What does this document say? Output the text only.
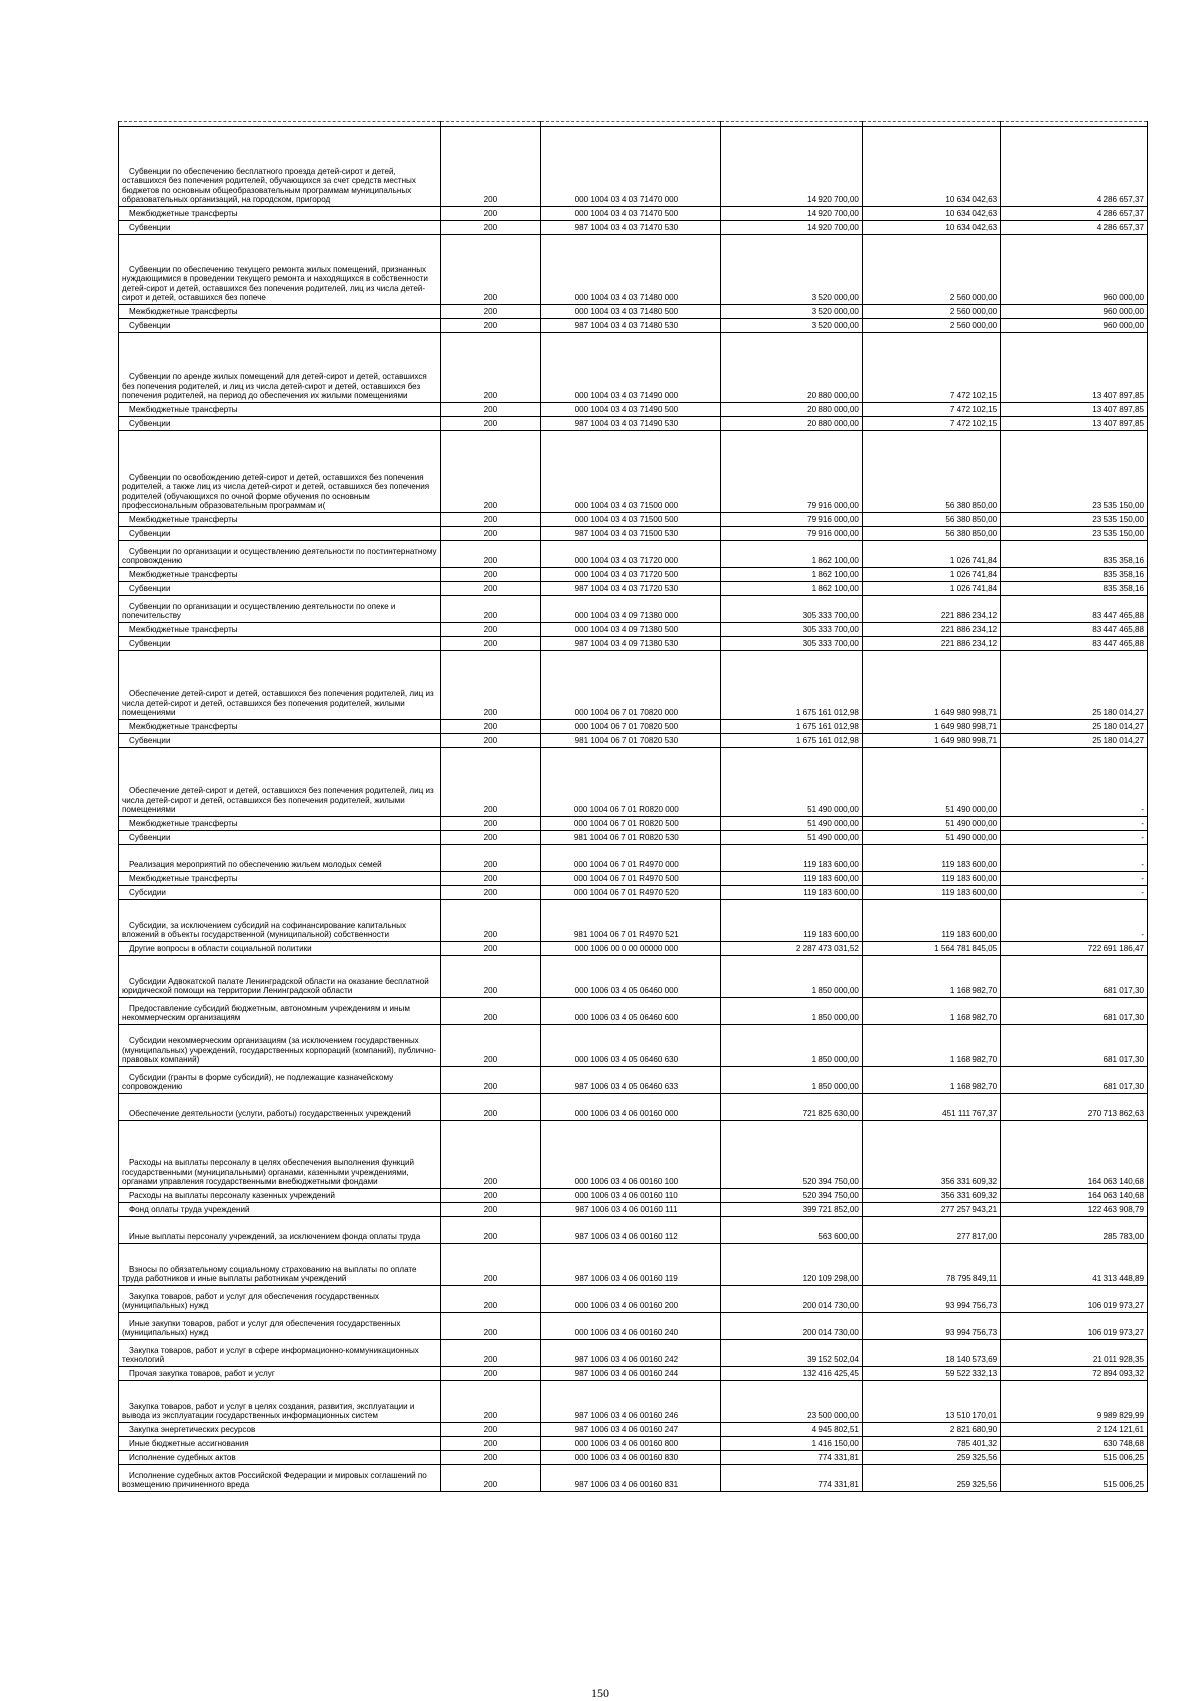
Субвенции по обеспечению бесплатного проезда детей-сирот и детей, оставшихся без попечения родителей, обучающихся за счет средств местных бюджетов по основным общеобразовательным программам муниципальных образовательных организаций, на городском, пригород	200	000 1004 03 4 03 71470 000	14 920 700,00	10 634 042,63	4 286 657,37
Межбюджетные трансферты	200	000 1004 03 4 03 71470 500	14 920 700,00	10 634 042,63	4 286 657,37
Субвенции	200	987 1004 03 4 03 71470 530	14 920 700,00	10 634 042,63	4 286 657,37
Субвенции по обеспечению текущего ремонта жилых помещений, признанных нуждающимися в проведении текущего ремонта и находящихся в собственности детей-сирот и детей, оставшихся без попечения родителей, лиц из числа детей-сирот и детей, оставшихся без попече	200	000 1004 03 4 03 71480 000	3 520 000,00	2 560 000,00	960 000,00
Межбюджетные трансферты	200	000 1004 03 4 03 71480 500	3 520 000,00	2 560 000,00	960 000,00
Субвенции	200	987 1004 03 4 03 71480 530	3 520 000,00	2 560 000,00	960 000,00
Субвенции по аренде жилых помещений для детей-сирот и детей, оставшихся без попечения родителей, и лиц из числа детей-сирот и детей, оставшихся без попечения родителей, на период до обеспечения их жилыми помещениями	200	000 1004 03 4 03 71490 000	20 880 000,00	7 472 102,15	13 407 897,85
Межбюджетные трансферты	200	000 1004 03 4 03 71490 500	20 880 000,00	7 472 102,15	13 407 897,85
Субвенции	200	987 1004 03 4 03 71490 530	20 880 000,00	7 472 102,15	13 407 897,85
Субвенции по освобождению детей-сирот и детей, оставшихся без попечения родителей, а также лиц из числа детей-сирот и детей, оставшихся без попечения родителей (обучающихся по очной форме обучения по основным профессиональным образовательным программам и(	200	000 1004 03 4 03 71500 000	79 916 000,00	56 380 850,00	23 535 150,00
Межбюджетные трансферты	200	000 1004 03 4 03 71500 500	79 916 000,00	56 380 850,00	23 535 150,00
Субвенции	200	987 1004 03 4 03 71500 530	79 916 000,00	56 380 850,00	23 535 150,00
Субвенции по организации и осуществлению деятельности по постинтернатному сопровождению	200	000 1004 03 4 03 71720 000	1 862 100,00	1 026 741,84	835 358,16
Межбюджетные трансферты	200	000 1004 03 4 03 71720 500	1 862 100,00	1 026 741,84	835 358,16
Субвенции	200	987 1004 03 4 03 71720 530	1 862 100,00	1 026 741,84	835 358,16
Субвенции по организации и осуществлению деятельности по опеке и попечительству	200	000 1004 03 4 09 71380 000	305 333 700,00	221 886 234,12	83 447 465,88
Межбюджетные трансферты	200	000 1004 03 4 09 71380 500	305 333 700,00	221 886 234,12	83 447 465,88
Субвенции	200	987 1004 03 4 09 71380 530	305 333 700,00	221 886 234,12	83 447 465,88
Обеспечение детей-сирот и детей, оставшихся без попечения родителей, лиц из числа детей-сирот и детей, оставшихся без попечения родителей, жилыми помещениями	200	000 1004 06 7 01 70820 000	1 675 161 012,98	1 649 980 998,71	25 180 014,27
Межбюджетные трансферты	200	000 1004 06 7 01 70820 500	1 675 161 012,98	1 649 980 998,71	25 180 014,27
Субвенции	200	981 1004 06 7 01 70820 530	1 675 161 012,98	1 649 980 998,71	25 180 014,27
Обеспечение детей-сирот и детей, оставшихся без попечения родителей, лиц из числа детей-сирот и детей, оставшихся без попечения родителей, жилыми помещениями	200	000 1004 06 7 01 R0820 000	51 490 000,00	51 490 000,00	-
Межбюджетные трансферты	200	000 1004 06 7 01 R0820 500	51 490 000,00	51 490 000,00	-
Субвенции	200	981 1004 06 7 01 R0820 530	51 490 000,00	51 490 000,00	-
Реализация мероприятий по обеспечению жильем молодых семей	200	000 1004 06 7 01 R4970 000	119 183 600,00	119 183 600,00	-
Межбюджетные трансферты	200	000 1004 06 7 01 R4970 500	119 183 600,00	119 183 600,00	-
Субсидии	200	000 1004 06 7 01 R4970 520	119 183 600,00	119 183 600,00	-
Субсидии, за исключением субсидий на софинансирование капитальных вложений в объекты государственной (муниципальной) собственности	200	981 1004 06 7 01 R4970 521	119 183 600,00	119 183 600,00	-
Другие вопросы в области социальной политики	200	000 1006 00 0 00 00000 000	2 287 473 031,52	1 564 781 845,05	722 691 186,47
Субсидии Адвокатской палате Ленинградской области на оказание бесплатной юридической помощи на территории Ленинградской области	200	000 1006 03 4 05 06460 000	1 850 000,00	1 168 982,70	681 017,30
Предоставление субсидий бюджетным, автономным учреждениям и иным некоммерческим организациям	200	000 1006 03 4 05 06460 600	1 850 000,00	1 168 982,70	681 017,30
Субсидии некоммерческим организациям (за исключением государственных (муниципальных) учреждений, государственных корпораций (компаний), публично-правовых компаний)	200	000 1006 03 4 05 06460 630	1 850 000,00	1 168 982,70	681 017,30
Субсидии (гранты в форме субсидий), не подлежащие казначейскому сопровождению	200	987 1006 03 4 05 06460 633	1 850 000,00	1 168 982,70	681 017,30
Обеспечение деятельности (услуги, работы) государственных учреждений	200	000 1006 03 4 06 00160 000	721 825 630,00	451 111 767,37	270 713 862,63
Расходы на выплаты персоналу в целях обеспечения выполнения функций государственными (муниципальными) органами, казенными учреждениями, органами управления государственными внебюджетными фондами	200	000 1006 03 4 06 00160 100	520 394 750,00	356 331 609,32	164 063 140,68
Расходы на выплаты персоналу казенных учреждений	200	000 1006 03 4 06 00160 110	520 394 750,00	356 331 609,32	164 063 140,68
Фонд оплаты труда учреждений	200	987 1006 03 4 06 00160 111	399 721 852,00	277 257 943,21	122 463 908,79
Иные выплаты персоналу учреждений, за исключением фонда оплаты труда	200	987 1006 03 4 06 00160 112	563 600,00	277 817,00	285 783,00
Взносы по обязательному социальному страхованию на выплаты по оплате труда работников и иные выплаты работникам учреждений	200	987 1006 03 4 06 00160 119	120 109 298,00	78 795 849,11	41 313 448,89
Закупка товаров, работ и услуг для обеспечения государственных (муниципальных) нужд	200	000 1006 03 4 06 00160 200	200 014 730,00	93 994 756,73	106 019 973,27
Иные закупки товаров, работ и услуг для обеспечения государственных (муниципальных) нужд	200	000 1006 03 4 06 00160 240	200 014 730,00	93 994 756,73	106 019 973,27
Закупка товаров, работ и услуг в сфере информационно-коммуникационных технологий	200	987 1006 03 4 06 00160 242	39 152 502,04	18 140 573,69	21 011 928,35
Прочая закупка товаров, работ и услуг	200	987 1006 03 4 06 00160 244	132 416 425,45	59 522 332,13	72 894 093,32
Закупка товаров, работ и услуг в целях создания, развития, эксплуатации и вывода из эксплуатации государственных информационных систем	200	987 1006 03 4 06 00160 246	23 500 000,00	13 510 170,01	9 989 829,99
Закупка энергетических ресурсов	200	987 1006 03 4 06 00160 247	4 945 802,51	2 821 680,90	2 124 121,61
Иные бюджетные ассигнования	200	000 1006 03 4 06 00160 800	1 416 150,00	785 401,32	630 748,68
Исполнение судебных актов	200	000 1006 03 4 06 00160 830	774 331,81	259 325,56	515 006,25
Исполнение судебных актов Российской Федерации и мировых соглашений по возмещению причиненного вреда	200	987 1006 03 4 06 00160 831	774 331,81	259 325,56	515 006,25
150
